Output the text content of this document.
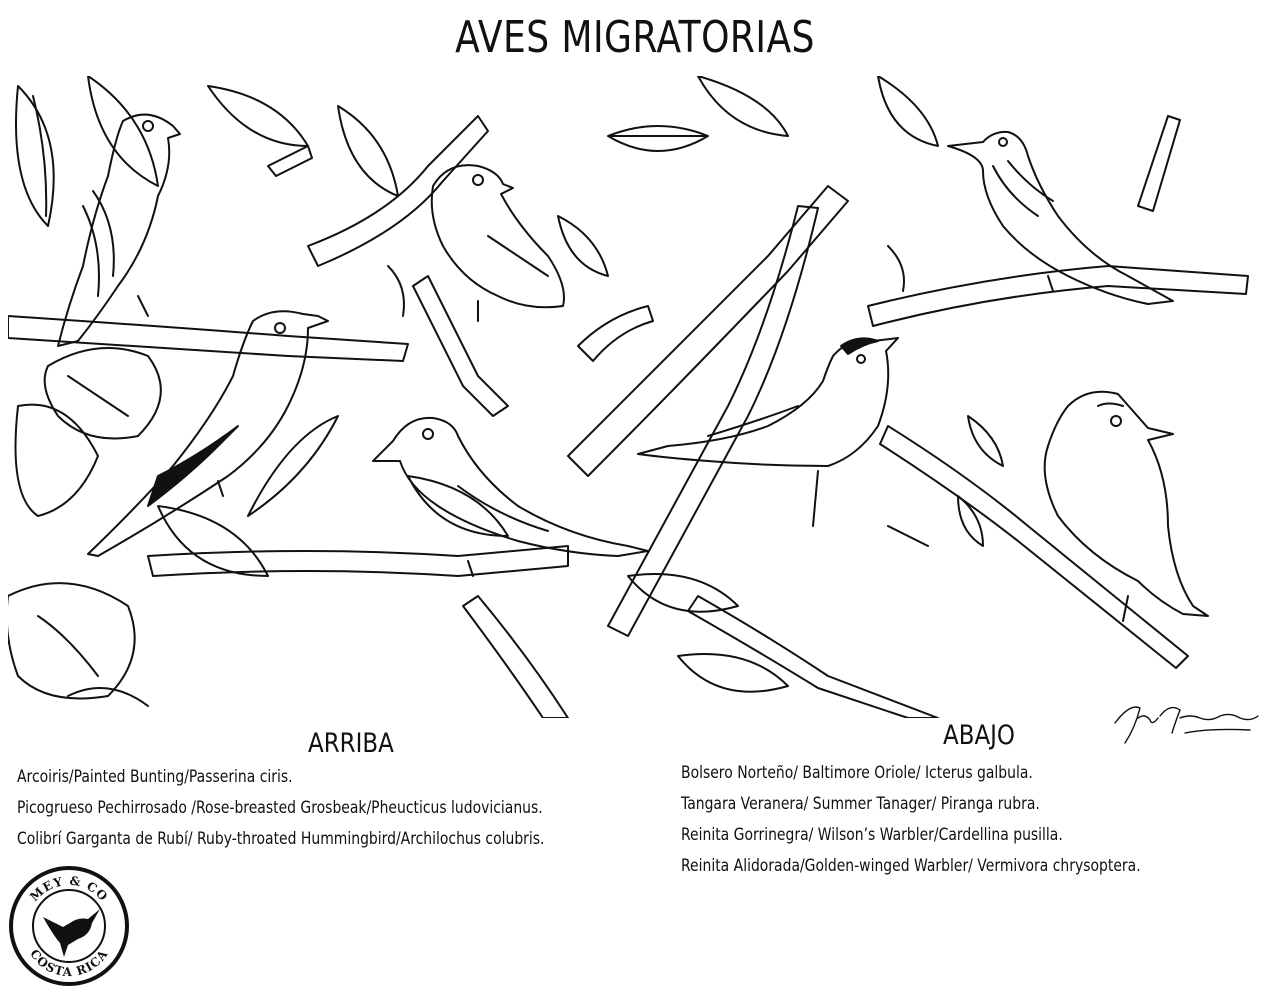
AVES MIGRATORIAS
ARRIBA	ABAJO
Arcoiris/Painted Bunting/Passerina ciris.
Picogrueso Pechirrosado /Rose-breasted Grosbeak/Pheucticus ludovicianus.
Colibrí Garganta de Rubí/ Ruby-throated Hummingbird/Archilochus colubris.
Bolsero Norteño/ Baltimore Oriole/ Icterus galbula.
Tangara Veranera/ Summer Tanager/ Piranga rubra.
Reinita Gorrinegra/ Wilson’s Warbler/Cardellina pusilla.
Reinita Alidorada/Golden-winged Warbler/ Vermivora chrysoptera.
MEY & CO
COSTA RICA
